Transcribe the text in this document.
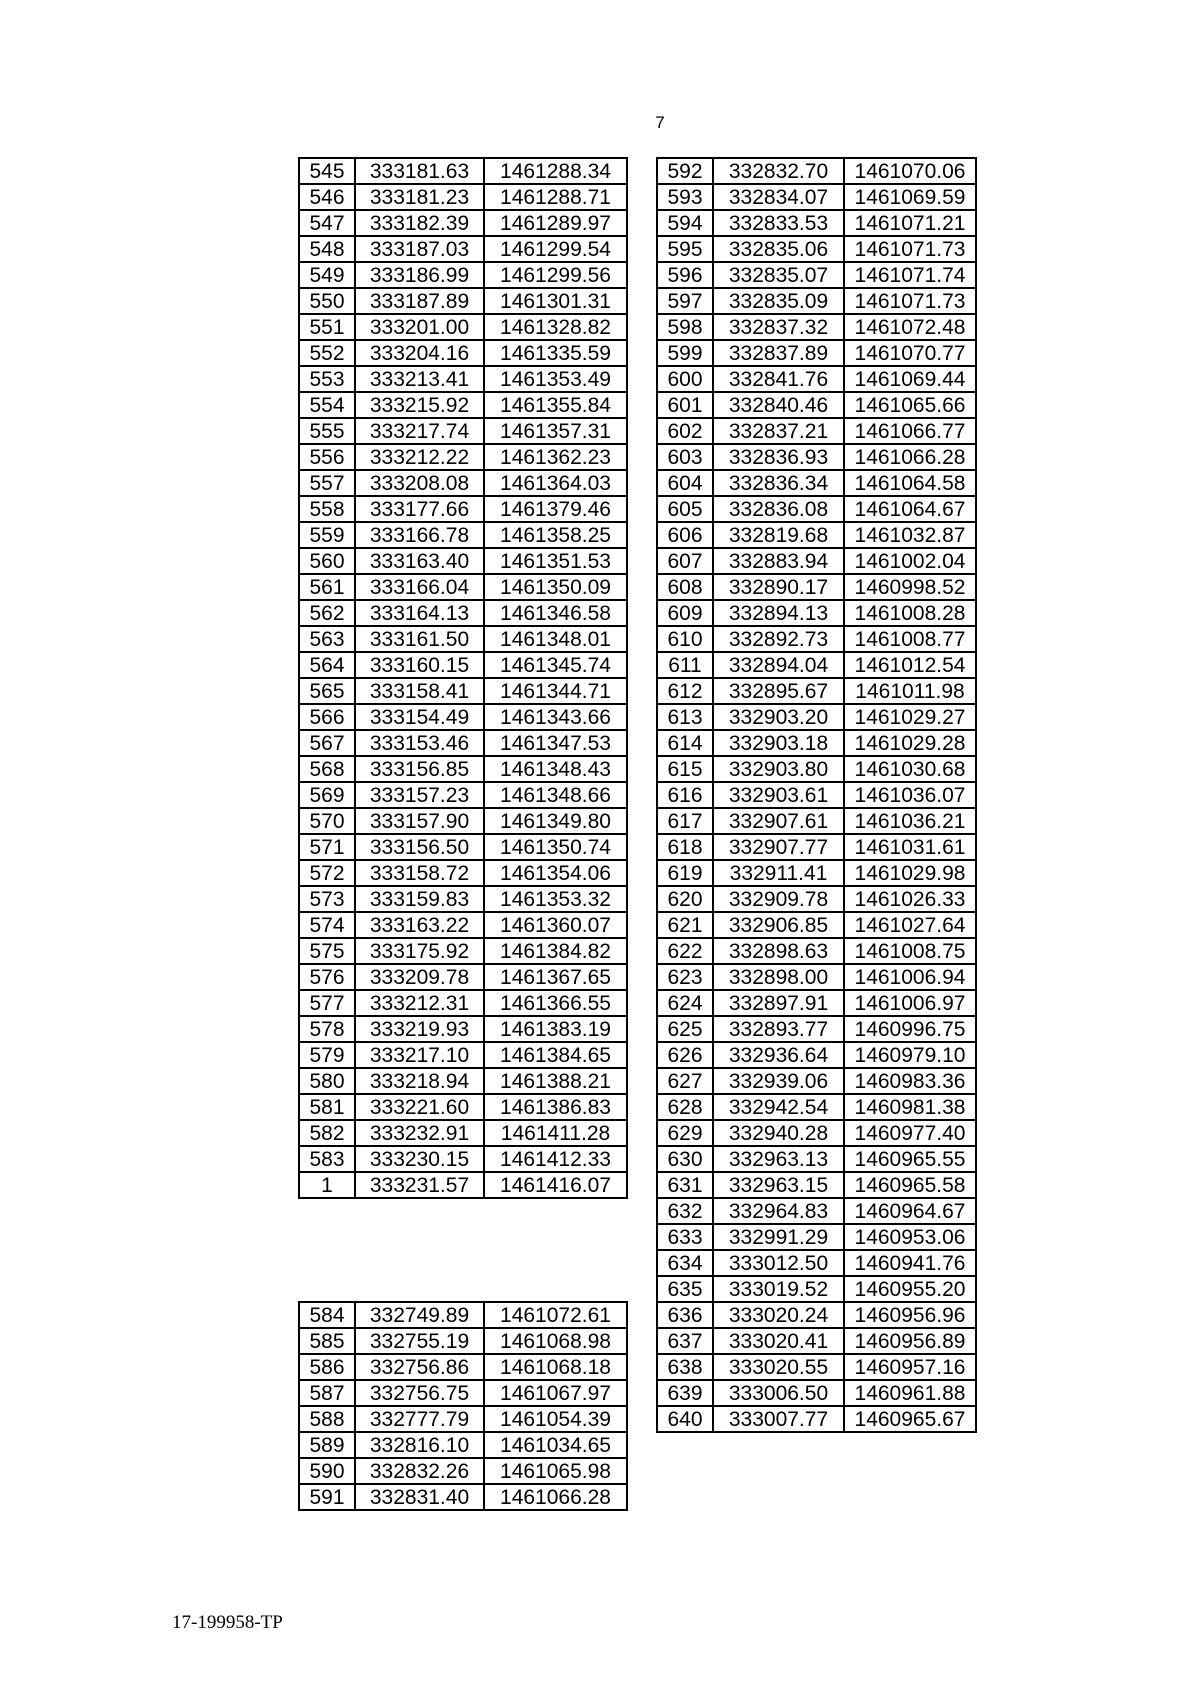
7
545	333181.63	1461288.34
546	333181.23	1461288.71
547	333182.39	1461289.97
548	333187.03	1461299.54
549	333186.99	1461299.56
550	333187.89	1461301.31
551	333201.00	1461328.82
552	333204.16	1461335.59
553	333213.41	1461353.49
554	333215.92	1461355.84
555	333217.74	1461357.31
556	333212.22	1461362.23
557	333208.08	1461364.03
558	333177.66	1461379.46
559	333166.78	1461358.25
560	333163.40	1461351.53
561	333166.04	1461350.09
562	333164.13	1461346.58
563	333161.50	1461348.01
564	333160.15	1461345.74
565	333158.41	1461344.71
566	333154.49	1461343.66
567	333153.46	1461347.53
568	333156.85	1461348.43
569	333157.23	1461348.66
570	333157.90	1461349.80
571	333156.50	1461350.74
572	333158.72	1461354.06
573	333159.83	1461353.32
574	333163.22	1461360.07
575	333175.92	1461384.82
576	333209.78	1461367.65
577	333212.31	1461366.55
578	333219.93	1461383.19
579	333217.10	1461384.65
580	333218.94	1461388.21
581	333221.60	1461386.83
582	333232.91	1461411.28
583	333230.15	1461412.33
1	333231.57	1461416.07
584	332749.89	1461072.61
585	332755.19	1461068.98
586	332756.86	1461068.18
587	332756.75	1461067.97
588	332777.79	1461054.39
589	332816.10	1461034.65
590	332832.26	1461065.98
591	332831.40	1461066.28
592	332832.70	1461070.06
593	332834.07	1461069.59
594	332833.53	1461071.21
595	332835.06	1461071.73
596	332835.07	1461071.74
597	332835.09	1461071.73
598	332837.32	1461072.48
599	332837.89	1461070.77
600	332841.76	1461069.44
601	332840.46	1461065.66
602	332837.21	1461066.77
603	332836.93	1461066.28
604	332836.34	1461064.58
605	332836.08	1461064.67
606	332819.68	1461032.87
607	332883.94	1461002.04
608	332890.17	1460998.52
609	332894.13	1461008.28
610	332892.73	1461008.77
611	332894.04	1461012.54
612	332895.67	1461011.98
613	332903.20	1461029.27
614	332903.18	1461029.28
615	332903.80	1461030.68
616	332903.61	1461036.07
617	332907.61	1461036.21
618	332907.77	1461031.61
619	332911.41	1461029.98
620	332909.78	1461026.33
621	332906.85	1461027.64
622	332898.63	1461008.75
623	332898.00	1461006.94
624	332897.91	1461006.97
625	332893.77	1460996.75
626	332936.64	1460979.10
627	332939.06	1460983.36
628	332942.54	1460981.38
629	332940.28	1460977.40
630	332963.13	1460965.55
631	332963.15	1460965.58
632	332964.83	1460964.67
633	332991.29	1460953.06
634	333012.50	1460941.76
635	333019.52	1460955.20
636	333020.24	1460956.96
637	333020.41	1460956.89
638	333020.55	1460957.16
639	333006.50	1460961.88
640	333007.77	1460965.67
17-199958-TP
